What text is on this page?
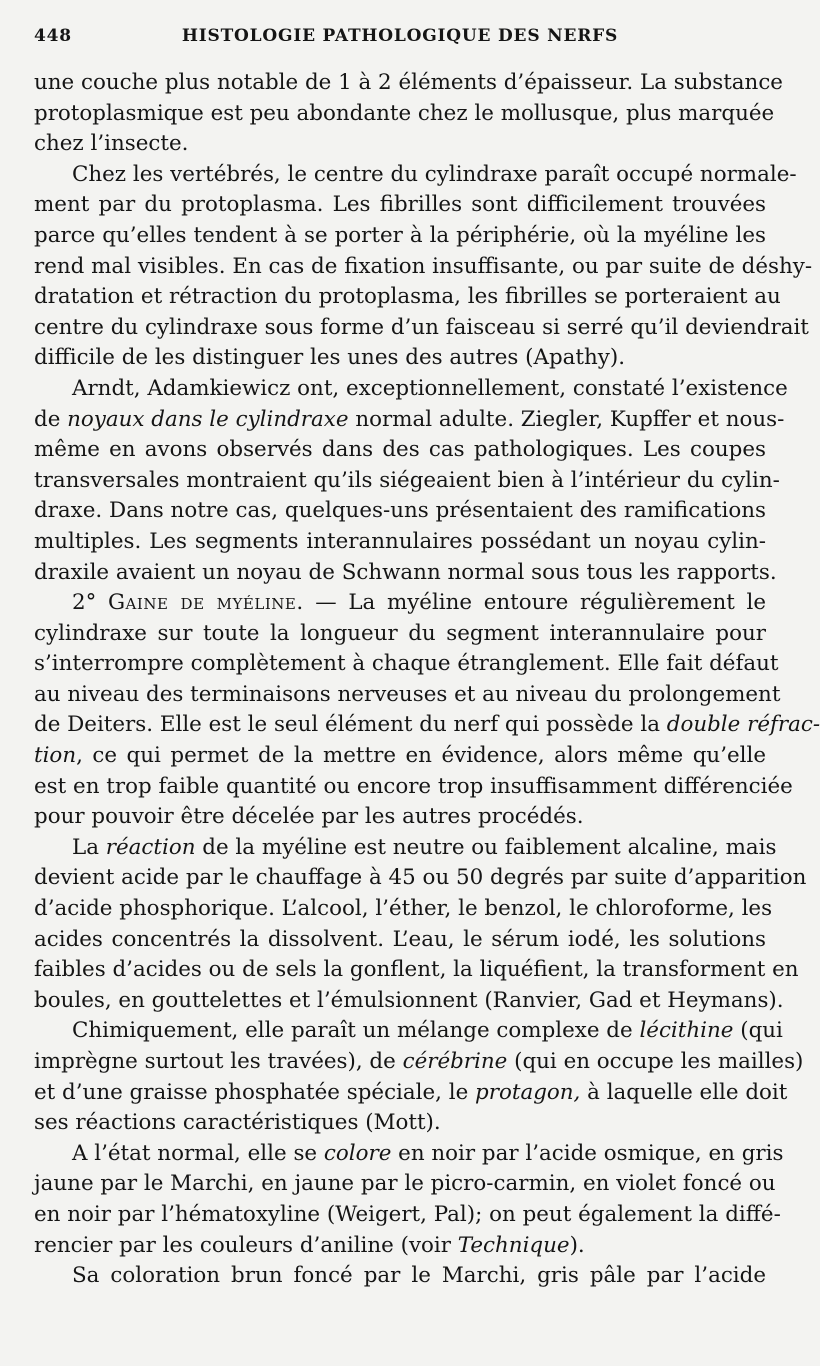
448	HISTOLOGIE PATHOLOGIQUE DES NERFS
une couche plus notable de 1 à 2 éléments d’épaisseur. La substance
protoplasmique est peu abondante chez le mollusque, plus marquée
chez l’insecte.
Chez les vertébrés, le centre du cylindraxe paraît occupé normale-
ment par du protoplasma. Les fibrilles sont difficilement trouvées
parce qu’elles tendent à se porter à la périphérie, où la myéline les
rend mal visibles. En cas de fixation insuffisante, ou par suite de déshy-
dratation et rétraction du protoplasma, les fibrilles se porteraient au
centre du cylindraxe sous forme d’un faisceau si serré qu’il deviendrait
difficile de les distinguer les unes des autres (Apathy).
Arndt, Adamkiewicz ont, exceptionnellement, constaté l’existence
de noyaux dans le cylindraxe normal adulte. Ziegler, Kupffer et nous-
même en avons observés dans des cas pathologiques. Les coupes
transversales montraient qu’ils siégeaient bien à l’intérieur du cylin-
draxe. Dans notre cas, quelques-uns présentaient des ramifications
multiples. Les segments interannulaires possédant un noyau cylin-
draxile avaient un noyau de Schwann normal sous tous les rapports.
2° Gaine de myéline. — La myéline entoure régulièrement le
cylindraxe sur toute la longueur du segment interannulaire pour
s’interrompre complètement à chaque étranglement. Elle fait défaut
au niveau des terminaisons nerveuses et au niveau du prolongement
de Deiters. Elle est le seul élément du nerf qui possède la double réfrac-
tion, ce qui permet de la mettre en évidence, alors même qu’elle
est en trop faible quantité ou encore trop insuffisamment différenciée
pour pouvoir être décelée par les autres procédés.
La réaction de la myéline est neutre ou faiblement alcaline, mais
devient acide par le chauffage à 45 ou 50 degrés par suite d’apparition
d’acide phosphorique. L’alcool, l’éther, le benzol, le chloroforme, les
acides concentrés la dissolvent. L’eau, le sérum iodé, les solutions
faibles d’acides ou de sels la gonflent, la liquéfient, la transforment en
boules, en gouttelettes et l’émulsionnent (Ranvier, Gad et Heymans).
Chimiquement, elle paraît un mélange complexe de lécithine (qui
imprègne surtout les travées), de cérébrine (qui en occupe les mailles)
et d’une graisse phosphatée spéciale, le protagon, à laquelle elle doit
ses réactions caractéristiques (Mott).
A l’état normal, elle se colore en noir par l’acide osmique, en gris
jaune par le Marchi, en jaune par le picro-carmin, en violet foncé ou
en noir par l’hématoxyline (Weigert, Pal); on peut également la diffé-
rencier par les couleurs d’aniline (voir Technique).
Sa coloration brun foncé par le Marchi, gris pâle par l’acide
